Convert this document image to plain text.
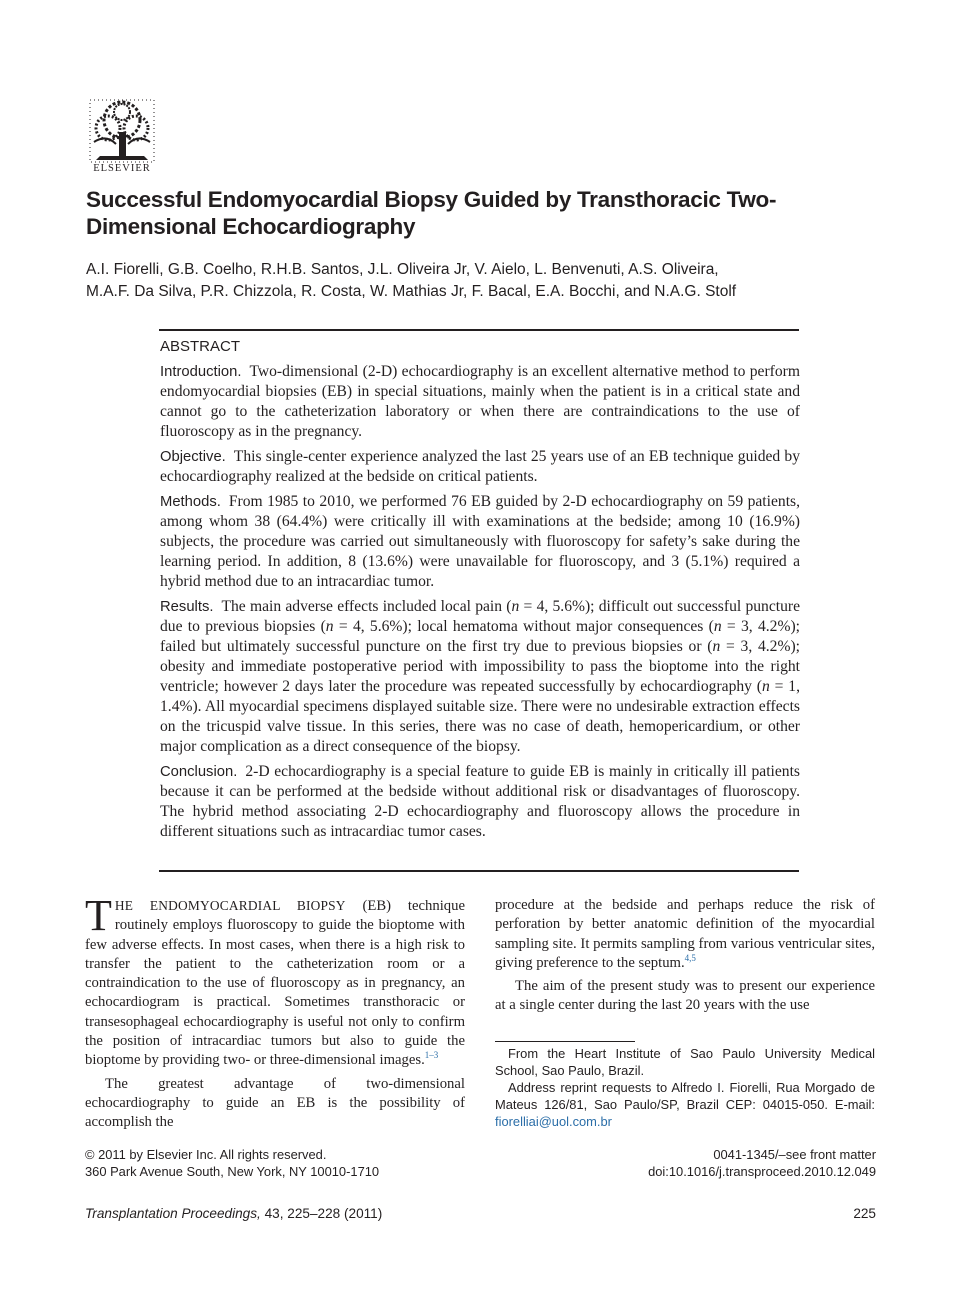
ELSEVIER
Successful Endomyocardial Biopsy Guided by Transthoracic Two-Dimensional Echocardiography
A.I. Fiorelli, G.B. Coelho, R.H.B. Santos, J.L. Oliveira Jr, V. Aielo, L. Benvenuti, A.S. Oliveira,
M.A.F. Da Silva, P.R. Chizzola, R. Costa, W. Mathias Jr, F. Bacal, E.A. Bocchi, and N.A.G. Stolf
ABSTRACT

Introduction. Two-dimensional (2-D) echocardiography is an excellent alternative method to perform endomyocardial biopsies (EB) in special situations, mainly when the patient is in a critical state and cannot go to the catheterization laboratory or when there are contraindications to the use of fluoroscopy as in the pregnancy.

Objective. This single-center experience analyzed the last 25 years use of an EB technique guided by echocardiography realized at the bedside on critical patients.

Methods. From 1985 to 2010, we performed 76 EB guided by 2-D echocardiography on 59 patients, among whom 38 (64.4%) were critically ill with examinations at the bedside; among 10 (16.9%) subjects, the procedure was carried out simultaneously with fluoroscopy for safety’s sake during the learning period. In addition, 8 (13.6%) were unavailable for fluoroscopy, and 3 (5.1%) required a hybrid method due to an intracardiac tumor.

Results. The main adverse effects included local pain (n = 4, 5.6%); difficult out successful puncture due to previous biopsies (n = 4, 5.6%); local hematoma without major consequences (n = 3, 4.2%); failed but ultimately successful puncture on the first try due to previous biopsies or (n = 3, 4.2%); obesity and immediate postoperative period with impossibility to pass the bioptome into the right ventricle; however 2 days later the procedure was repeated successfully by echocardiography (n = 1, 1.4%). All myocardial specimens displayed suitable size. There were no undesirable extraction effects on the tricuspid valve tissue. In this series, there was no case of death, hemopericardium, or other major complication as a direct consequence of the biopsy.

Conclusion. 2-D echocardiography is a special feature to guide EB is mainly in critically ill patients because it can be performed at the bedside without additional risk or disadvantages of fluoroscopy. The hybrid method associating 2-D echocardiography and fluoroscopy allows the procedure in different situations such as intracardiac tumor cases.

THE ENDOMYOCARDIAL BIOPSY (EB) technique routinely employs fluoroscopy to guide the bioptome with few adverse effects. In most cases, when there is a high risk to transfer the patient to the catheterization room or a contraindication to the use of fluoroscopy as in pregnancy, an echocardiogram is practical. Sometimes transthoracic or transesophageal echocardiography is useful not only to confirm the position of intracardiac tumors but also to guide the bioptome by providing two- or three-dimensional images.$^{1-3}$

The greatest advantage of two-dimensional echocardiography to guide an EB is the possibility of accomplish the

procedure at the bedside and perhaps reduce the risk of perforation by better anatomic definition of the myocardial sampling site. It permits sampling from various ventricular sites, giving preference to the septum.$^{4,5}$

The aim of the present study was to present our experience at a single center during the last 20 years with the use

From the Heart Institute of Sao Paulo University Medical School, Sao Paulo, Brazil.

Address reprint requests to Alfredo I. Fiorelli, Rua Morgado de Mateus 126/81, Sao Paulo/SP, Brazil CEP: 04015-050. E-mail: fiorelliai@uol.com.br

© 2011 by Elsevier Inc. All rights reserved.
360 Park Avenue South, New York, NY 10010-1710
0041-1345/–see front matter
doi:10.1016/j.transproceed.2010.12.049
Transplantation Proceedings, 43, 225–228 (2011)	225
